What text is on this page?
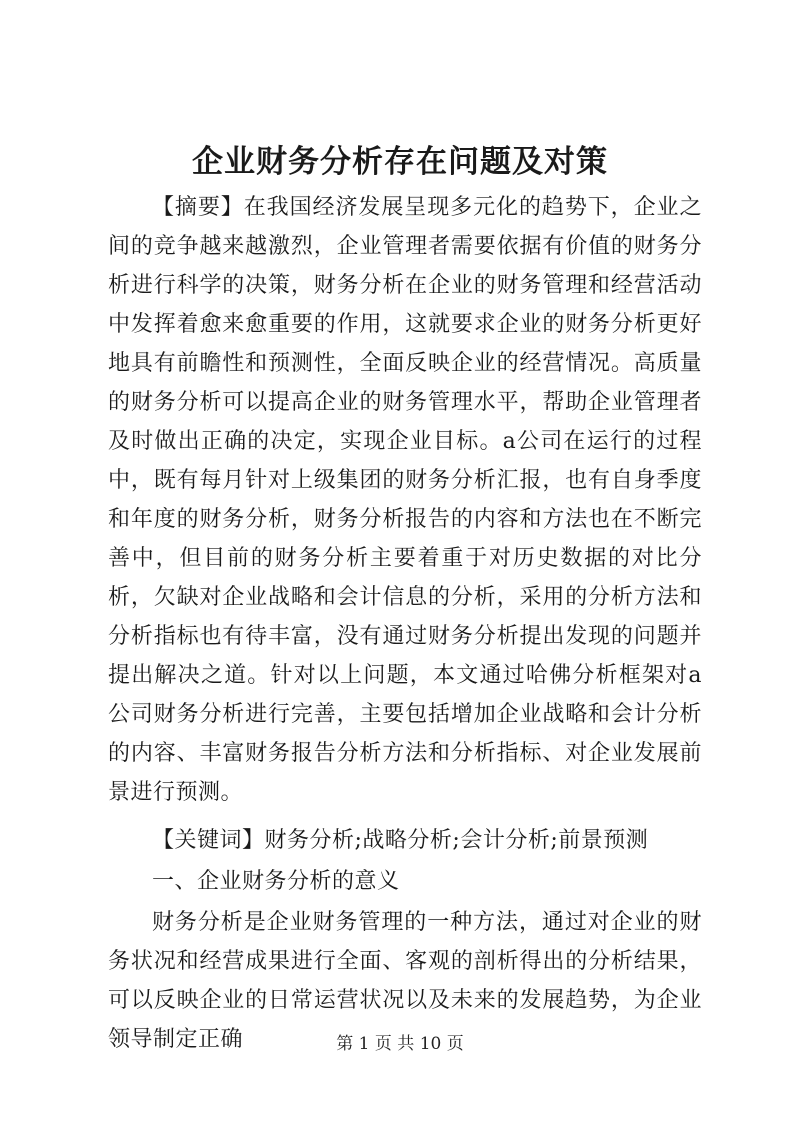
企业财务分析存在问题及对策

【摘要】在我国经济发展呈现多元化的趋势下，企业之间的竞争越来越激烈，企业管理者需要依据有价值的财务分析进行科学的决策，财务分析在企业的财务管理和经营活动中发挥着愈来愈重要的作用，这就要求企业的财务分析更好地具有前瞻性和预测性，全面反映企业的经营情况。高质量的财务分析可以提高企业的财务管理水平，帮助企业管理者及时做出正确的决定，实现企业目标。a公司在运行的过程中，既有每月针对上级集团的财务分析汇报，也有自身季度和年度的财务分析，财务分析报告的内容和方法也在不断完善中，但目前的财务分析主要着重于对历史数据的对比分析，欠缺对企业战略和会计信息的分析，采用的分析方法和分析指标也有待丰富，没有通过财务分析提出发现的问题并提出解决之道。针对以上问题，本文通过哈佛分析框架对a公司财务分析进行完善，主要包括增加企业战略和会计分析的内容、丰富财务报告分析方法和分析指标、对企业发展前景进行预测。

【关键词】财务分析;战略分析;会计分析;前景预测

一、企业财务分析的意义

财务分析是企业财务管理的一种方法，通过对企业的财务状况和经营成果进行全面、客观的剖析得出的分析结果，可以反映企业的日常运营状况以及未来的发展趋势，为企业领导制定正确	第 1 页 共 10 页
